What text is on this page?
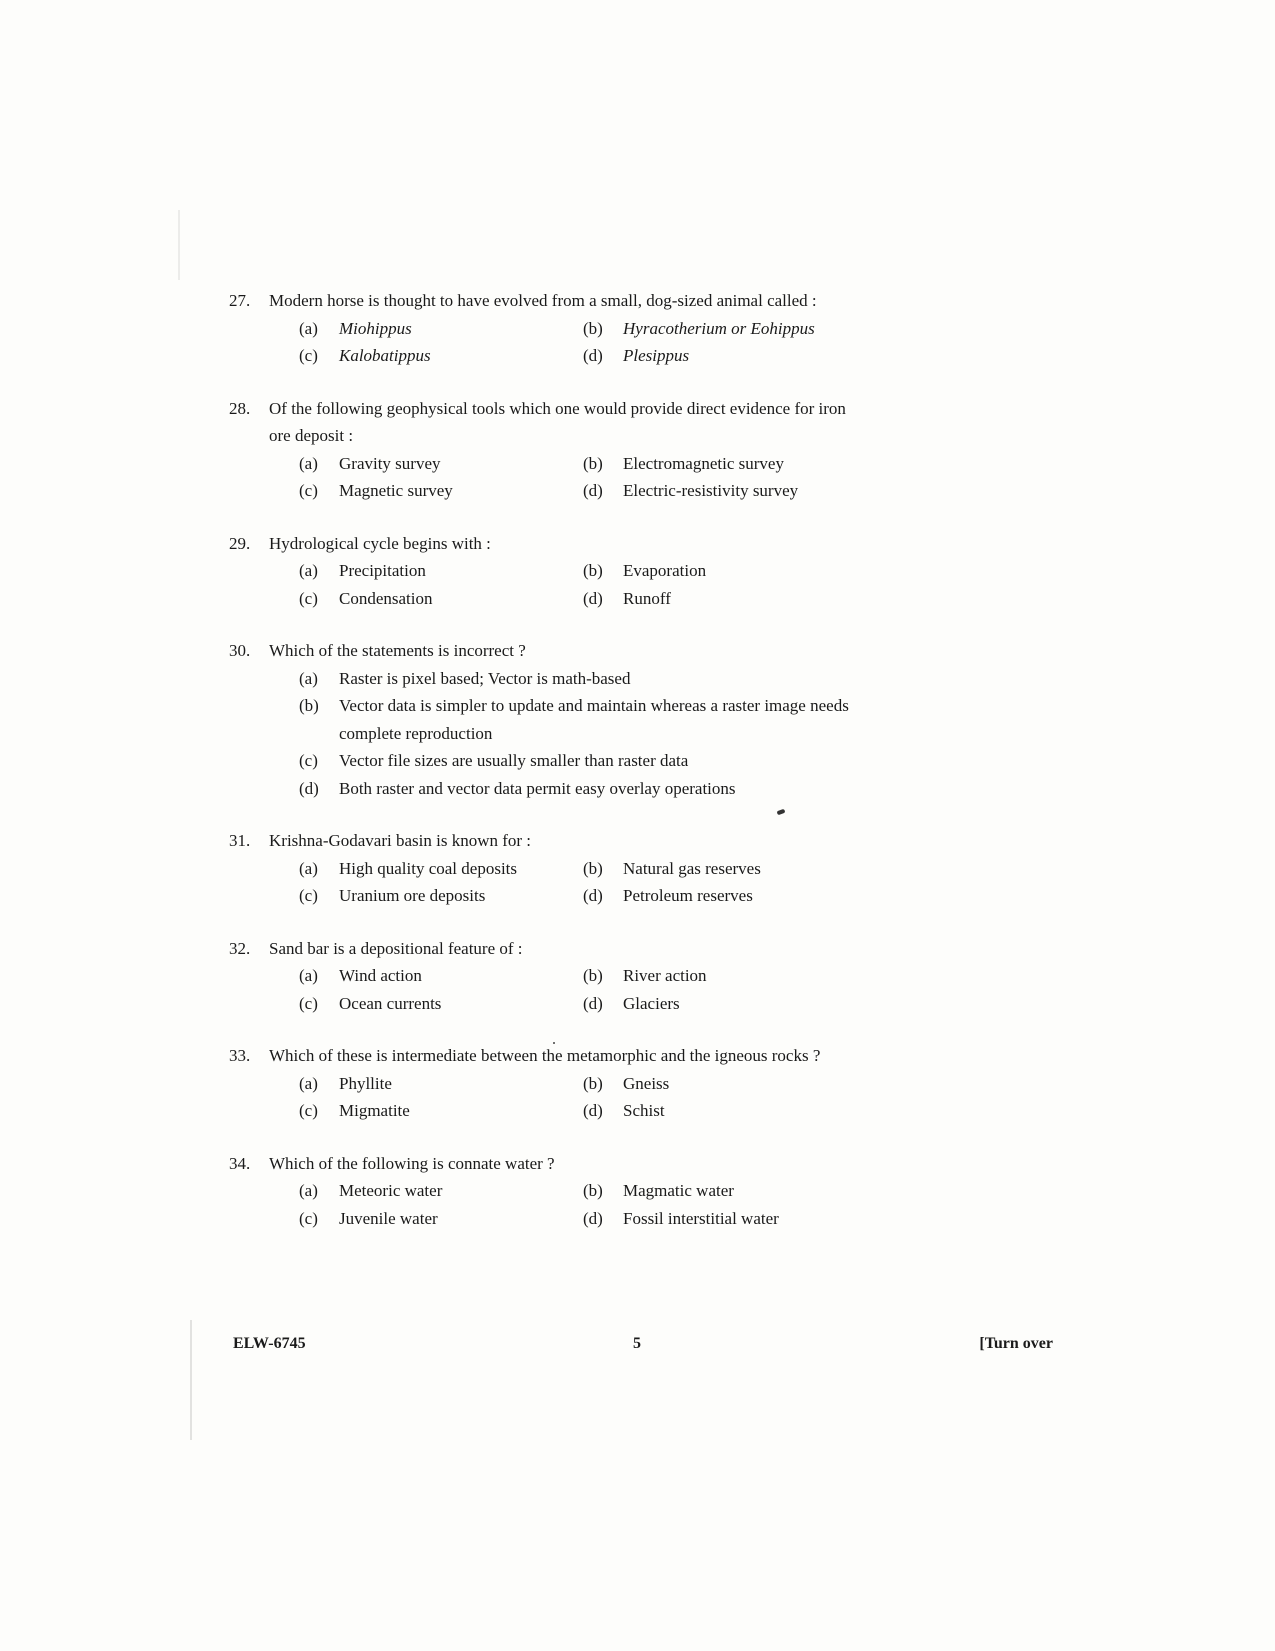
27.	Modern horse is thought to have evolved from a small, dog-sized animal called :
(a)	Miohippus	(b)	Hyracotherium or Eohippus
(c)	Kalobatippus	(d)	Plesippus
28.	Of the following geophysical tools which one would provide direct evidence for iron ore deposit :
(a)	Gravity survey	(b)	Electromagnetic survey
(c)	Magnetic survey	(d)	Electric-resistivity survey
29.	Hydrological cycle begins with :
(a)	Precipitation	(b)	Evaporation
(c)	Condensation	(d)	Runoff
30.	Which of the statements is incorrect ?
(a)	Raster is pixel based; Vector is math-based
(b)	Vector data is simpler to update and maintain whereas a raster image needs complete reproduction
(c)	Vector file sizes are usually smaller than raster data
(d)	Both raster and vector data permit easy overlay operations
31.	Krishna-Godavari basin is known for :
(a)	High quality coal deposits	(b)	Natural gas reserves
(c)	Uranium ore deposits	(d)	Petroleum reserves
32.	Sand bar is a depositional feature of :
(a)	Wind action	(b)	River action
(c)	Ocean currents	(d)	Glaciers
33.	Which of these is intermediate between the metamorphic and the igneous rocks ?
(a)	Phyllite	(b)	Gneiss
(c)	Migmatite	(d)	Schist
34.	Which of the following is connate water ?
(a)	Meteoric water	(b)	Magmatic water
(c)	Juvenile water	(d)	Fossil interstitial water
ELW-6745	5	[Turn over
